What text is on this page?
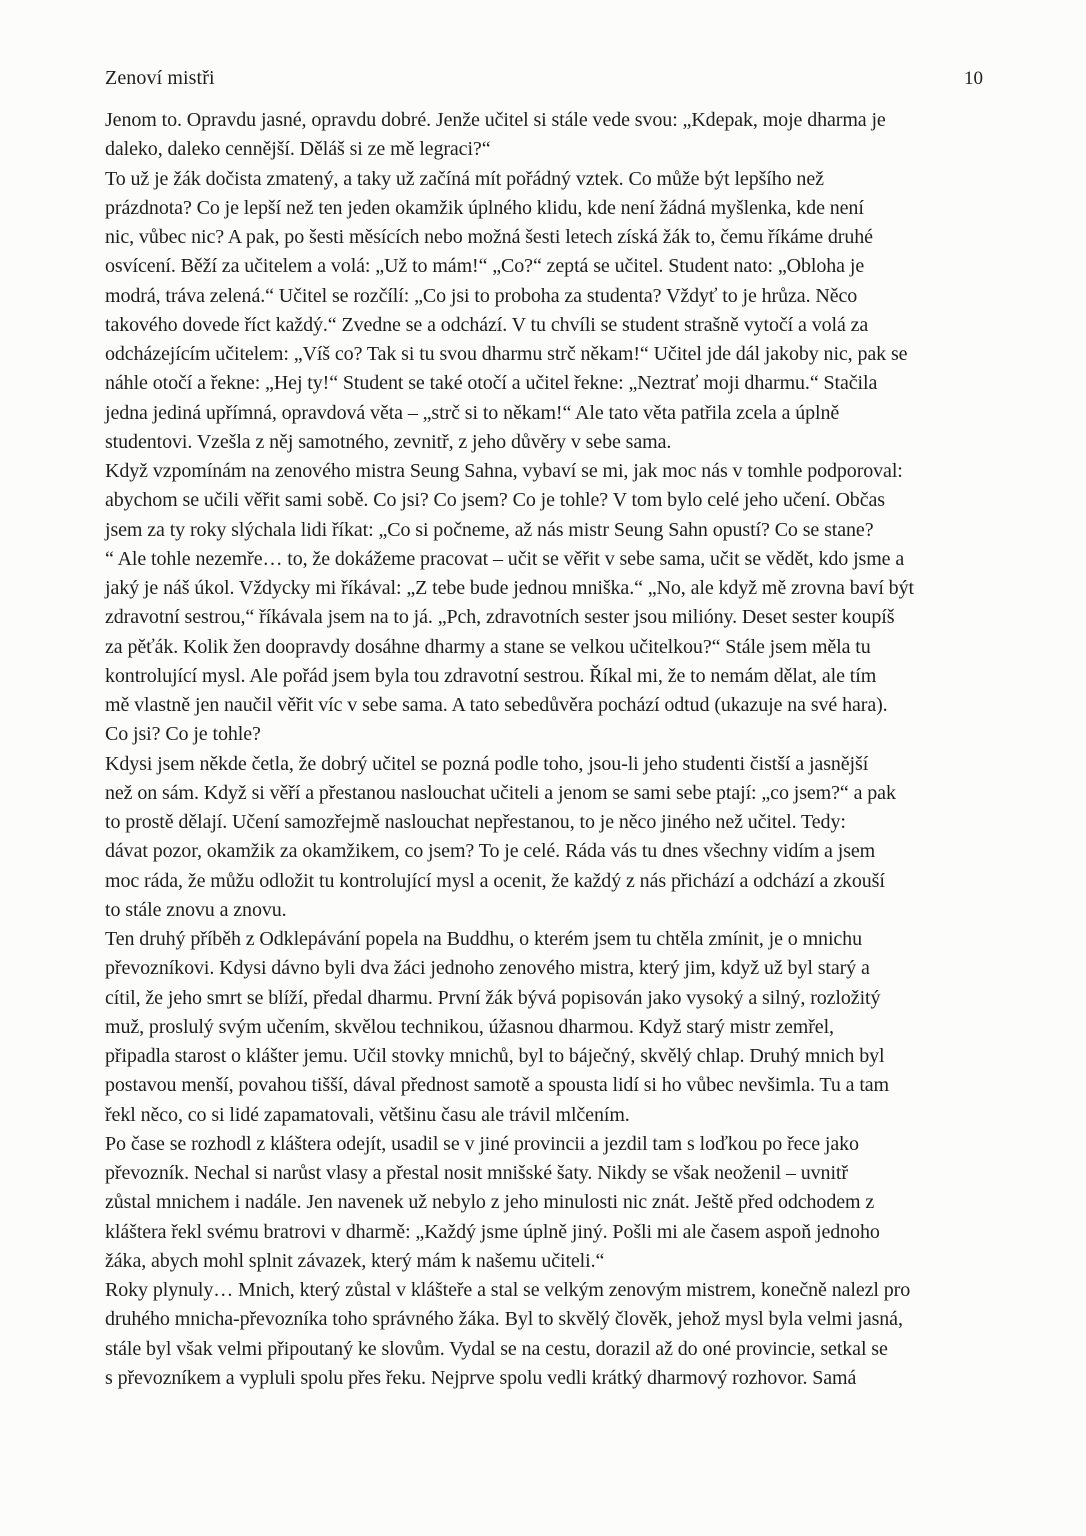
Zenoví mistři	10
Jenom to. Opravdu jasné, opravdu dobré. Jenže učitel si stále vede svou: „Kdepak, moje dharma je
daleko, daleko cennější. Děláš si ze mě legraci?“
To už je žák dočista zmatený, a taky už začíná mít pořádný vztek. Co může být lepšího než
prázdnota? Co je lepší než ten jeden okamžik úplného klidu, kde není žádná myšlenka, kde není
nic, vůbec nic? A pak, po šesti měsících nebo možná šesti letech získá žák to, čemu říkáme druhé
osvícení. Běží za učitelem a volá: „Už to mám!“ „Co?“ zeptá se učitel. Student nato: „Obloha je
modrá, tráva zelená.“ Učitel se rozčílí: „Co jsi to proboha za studenta? Vždyť to je hrůza. Něco
takového dovede říct každý.“ Zvedne se a odchází. V tu chvíli se student strašně vytočí a volá za
odcházejícím učitelem: „Víš co? Tak si tu svou dharmu strč někam!“ Učitel jde dál jakoby nic, pak se
náhle otočí a řekne: „Hej ty!“ Student se také otočí a učitel řekne: „Neztrať moji dharmu.“ Stačila
jedna jediná upřímná, opravdová věta – „strč si to někam!“ Ale tato věta patřila zcela a úplně
studentovi. Vzešla z něj samotného, zevnitř, z jeho důvěry v sebe sama.
Když vzpomínám na zenového mistra Seung Sahna, vybaví se mi, jak moc nás v tomhle podporoval:
abychom se učili věřit sami sobě. Co jsi? Co jsem? Co je tohle? V tom bylo celé jeho učení. Občas
jsem za ty roky slýchala lidi říkat: „Co si počneme, až nás mistr Seung Sahn opustí? Co se stane?
“ Ale tohle nezemře… to, že dokážeme pracovat – učit se věřit v sebe sama, učit se vědět, kdo jsme a
jaký je náš úkol. Vždycky mi říkával: „Z tebe bude jednou mniška.“ „No, ale když mě zrovna baví být
zdravotní sestrou,“ říkávala jsem na to já. „Pch, zdravotních sester jsou milióny. Deset sester koupíš
za pěťák. Kolik žen doopravdy dosáhne dharmy a stane se velkou učitelkou?“ Stále jsem měla tu
kontrolující mysl. Ale pořád jsem byla tou zdravotní sestrou. Říkal mi, že to nemám dělat, ale tím
mě vlastně jen naučil věřit víc v sebe sama. A tato sebedůvěra pochází odtud (ukazuje na své hara).
Co jsi? Co je tohle?
Kdysi jsem někde četla, že dobrý učitel se pozná podle toho, jsou-li jeho studenti čistší a jasnější
než on sám. Když si věří a přestanou naslouchat učiteli a jenom se sami sebe ptají: „co jsem?“ a pak
to prostě dělají. Učení samozřejmě naslouchat nepřestanou, to je něco jiného než učitel. Tedy:
dávat pozor, okamžik za okamžikem, co jsem? To je celé. Ráda vás tu dnes všechny vidím a jsem
moc ráda, že můžu odložit tu kontrolující mysl a ocenit, že každý z nás přichází a odchází a zkouší
to stále znovu a znovu.
Ten druhý příběh z Odklepávání popela na Buddhu, o kterém jsem tu chtěla zmínit, je o mnichu
převozníkovi. Kdysi dávno byli dva žáci jednoho zenového mistra, který jim, když už byl starý a
cítil, že jeho smrt se blíží, předal dharmu. První žák bývá popisován jako vysoký a silný, rozložitý
muž, proslulý svým učením, skvělou technikou, úžasnou dharmou. Když starý mistr zemřel,
připadla starost o klášter jemu. Učil stovky mnichů, byl to báječný, skvělý chlap. Druhý mnich byl
postavou menší, povahou tišší, dával přednost samotě a spousta lidí si ho vůbec nevšimla. Tu a tam
řekl něco, co si lidé zapamatovali, většinu času ale trávil mlčením.
Po čase se rozhodl z kláštera odejít, usadil se v jiné provincii a jezdil tam s loďkou po řece jako
převozník. Nechal si narůst vlasy a přestal nosit mnišské šaty. Nikdy se však neoženil – uvnitř
zůstal mnichem i nadále. Jen navenek už nebylo z jeho minulosti nic znát. Ještě před odchodem z
kláštera řekl svému bratrovi v dharmě: „Každý jsme úplně jiný. Pošli mi ale časem aspoň jednoho
žáka, abych mohl splnit závazek, který mám k našemu učiteli.“
Roky plynuly… Mnich, který zůstal v klášteře a stal se velkým zenovým mistrem, konečně nalezl pro
druhého mnicha-převozníka toho správného žáka. Byl to skvělý člověk, jehož mysl byla velmi jasná,
stále byl však velmi připoutaný ke slovům. Vydal se na cestu, dorazil až do oné provincie, setkal se
s převozníkem a vypluli spolu přes řeku. Nejprve spolu vedli krátký dharmový rozhovor. Samá
